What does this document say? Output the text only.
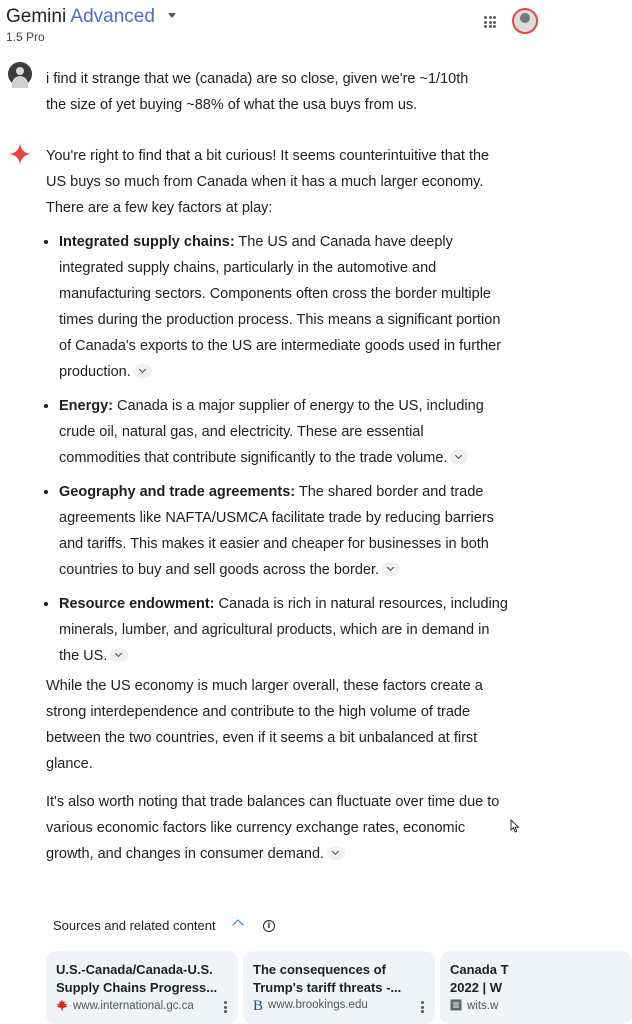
Gemini Advanced
1.5 Pro
i find it strange that we (canada) are so close, given we're ~1/10th
the size of yet buying ~88% of what the usa buys from us.

You're right to find that a bit curious! It seems counterintuitive that the US buys so much from Canada when it has a much larger economy. There are a few key factors at play:

• Integrated supply chains: The US and Canada have deeply integrated supply chains, particularly in the automotive and manufacturing sectors. Components often cross the border multiple times during the production process. This means a significant portion of Canada's exports to the US are intermediate goods used in further production.
• Energy: Canada is a major supplier of energy to the US, including crude oil, natural gas, and electricity. These are essential commodities that contribute significantly to the trade volume.
• Geography and trade agreements: The shared border and trade agreements like NAFTA/USMCA facilitate trade by reducing barriers and tariffs. This makes it easier and cheaper for businesses in both countries to buy and sell goods across the border.
• Resource endowment: Canada is rich in natural resources, including minerals, lumber, and agricultural products, which are in demand in the US.

While the US economy is much larger overall, these factors create a strong interdependence and contribute to the high volume of trade between the two countries, even if it seems a bit unbalanced at first glance.

It's also worth noting that trade balances can fluctuate over time due to various economic factors like currency exchange rates, economic growth, and changes in consumer demand.

Sources and related content	i
U.S.-Canada/Canada-U.S.
Supply Chains Progress...
www.international.gc.ca
The consequences of
Trump's tariff threats -...
B www.brookings.edu
Canada T
2022 | W
wits.w
